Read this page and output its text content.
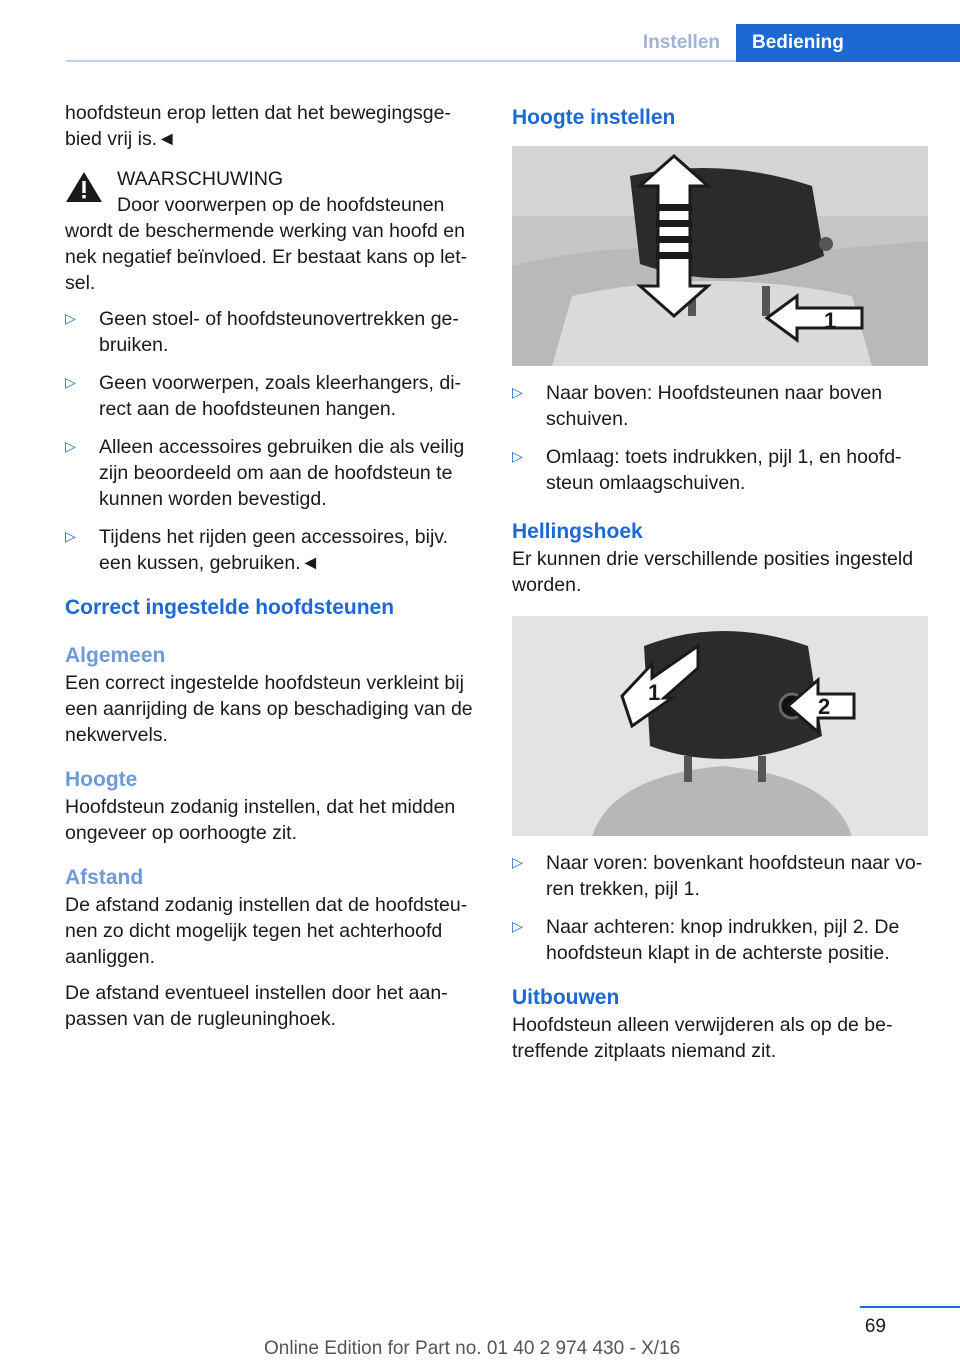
Instellen	Bediening

hoofdsteun erop letten dat het bewegingsge-bied vrij is.◄

WAARSCHUWING

Door voorwerpen op de hoofdsteunen wordt de beschermende werking van hoofd en nek negatief beïnvloed. Er bestaat kans op let-sel.

▷ Geen stoel- of hoofdsteunovertrekken ge-bruiken.
▷ Geen voorwerpen, zoals kleerhangers, di-rect aan de hoofdsteunen hangen.
▷ Alleen accessoires gebruiken die als veilig zijn beoordeeld om aan de hoofdsteun te kunnen worden bevestigd.
▷ Tijdens het rijden geen accessoires, bijv. een kussen, gebruiken.◄

Correct ingestelde hoofdsteunen

Algemeen

Een correct ingestelde hoofdsteun verkleint bij een aanrijding de kans op beschadiging van de nekwervels.

Hoogte

Hoofdsteun zodanig instellen, dat het midden ongeveer op oorhoogte zit.

Afstand

De afstand zodanig instellen dat de hoofdsteu-nen zo dicht mogelijk tegen het achterhoofd aanliggen.

De afstand eventueel instellen door het aan-passen van de rugleuninghoek.

Hoogte instellen

1
▷ Naar boven: Hoofdsteunen naar boven schuiven.
▷ Omlaag: toets indrukken, pijl 1, en hoofd-steun omlaagschuiven.

Hellingshoek

Er kunnen drie verschillende posities ingesteld worden.

1
2
▷ Naar voren: bovenkant hoofdsteun naar vo-ren trekken, pijl 1.
▷ Naar achteren: knop indrukken, pijl 2. De hoofdsteun klapt in de achterste positie.

Uitbouwen

Hoofdsteun alleen verwijderen als op de be-treffende zitplaats niemand zit.

69
Online Edition for Part no. 01 40 2 974 430 - X/16
